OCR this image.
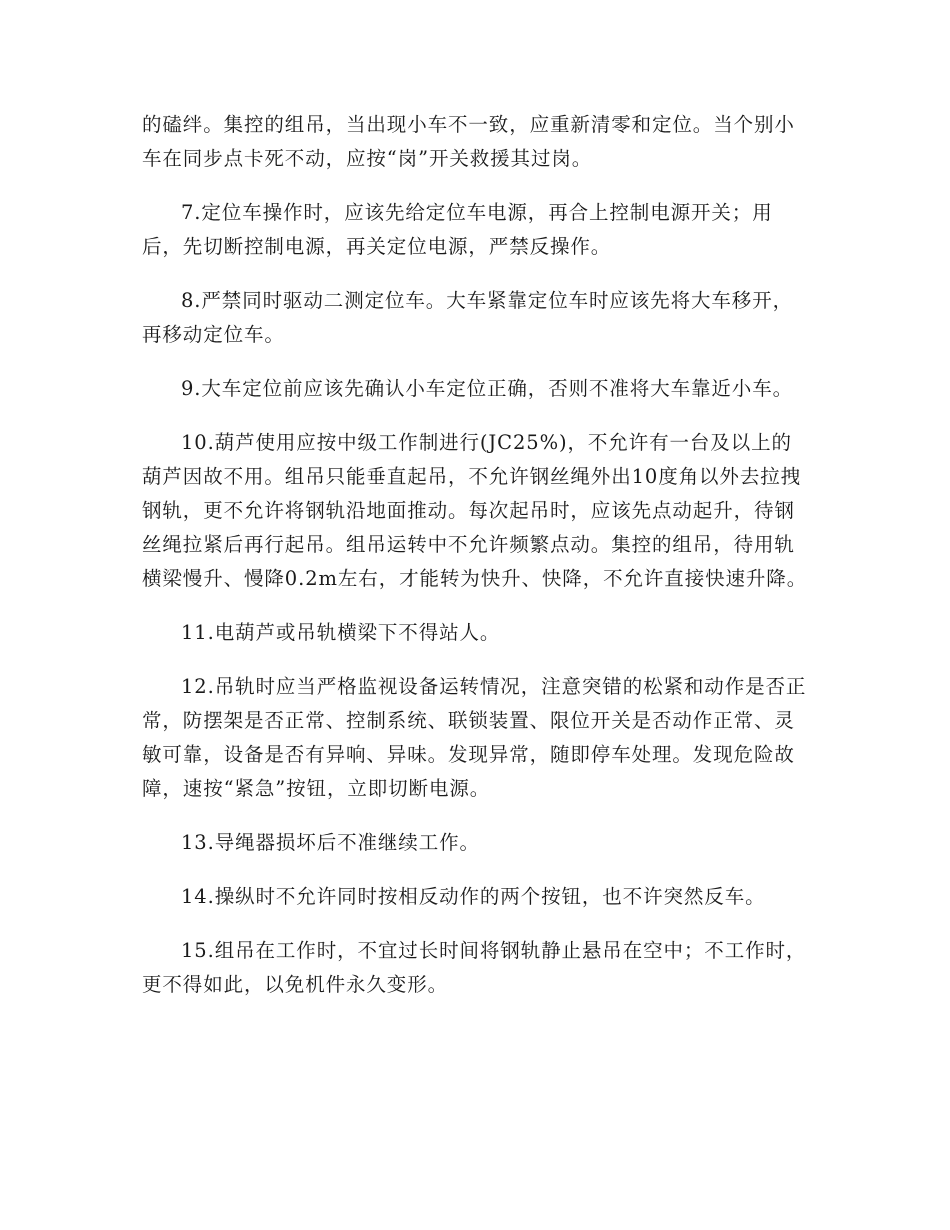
的磕绊。集控的组吊，当出现小车不一致，应重新清零和定位。当个别小车在同步点卡死不动，应按“岗”开关救援其过岗。

7.定位车操作时，应该先给定位车电源，再合上控制电源开关；用后，先切断控制电源，再关定位电源，严禁反操作。

8.严禁同时驱动二测定位车。大车紧靠定位车时应该先将大车移开，再移动定位车。

9.大车定位前应该先确认小车定位正确，否则不准将大车靠近小车。

10.葫芦使用应按中级工作制进行(JC25%)，不允许有一台及以上的葫芦因故不用。组吊只能垂直起吊，不允许钢丝绳外出10度角以外去拉拽钢轨，更不允许将钢轨沿地面推动。每次起吊时，应该先点动起升，待钢丝绳拉紧后再行起吊。组吊运转中不允许频繁点动。集控的组吊，待用轨横梁慢升、慢降0.2m左右，才能转为快升、快降，不允许直接快速升降。

11.电葫芦或吊轨横梁下不得站人。

12.吊轨时应当严格监视设备运转情况，注意突错的松紧和动作是否正常，防摆架是否正常、控制系统、联锁装置、限位开关是否动作正常、灵敏可靠，设备是否有异响、异味。发现异常，随即停车处理。发现危险故障，速按“紧急”按钮，立即切断电源。

13.导绳器损坏后不准继续工作。

14.操纵时不允许同时按相反动作的两个按钮，也不许突然反车。

15.组吊在工作时，不宜过长时间将钢轨静止悬吊在空中；不工作时，更不得如此，以免机件永久变形。
